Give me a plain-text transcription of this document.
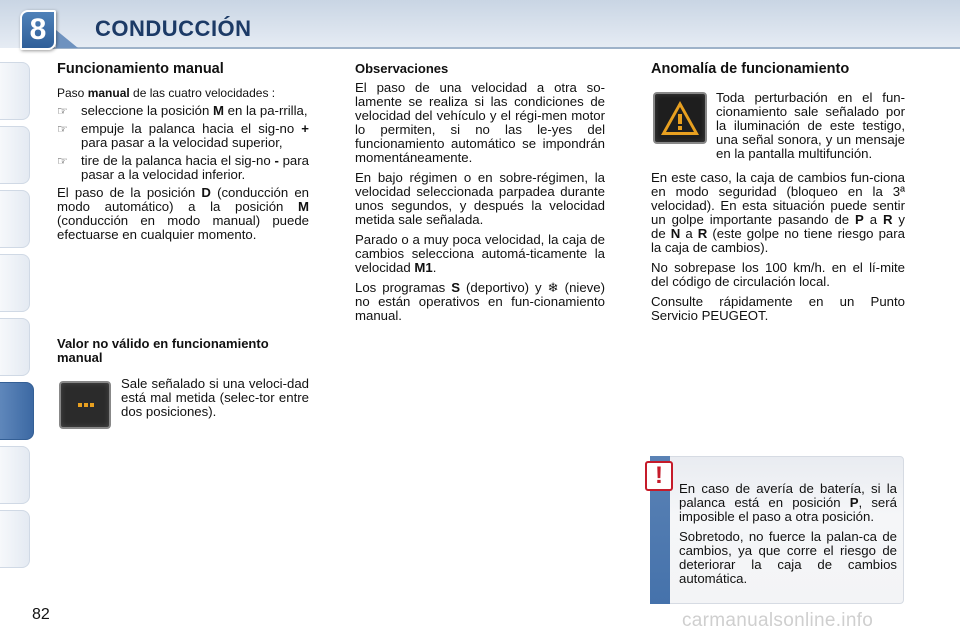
8	CONDUCCIÓN
Funcionamiento manual

Paso manual de las cuatro velocidades :

☞ seleccione la posición M en la pa-rrilla,
☞ empuje la palanca hacia el sig-no + para pasar a la velocidad superior,
☞ tire de la palanca hacia el sig-no - para pasar a la velocidad inferior.

El paso de la posición D (conducción en modo automático) a la posición M (conducción en modo manual) puede efectuarse en cualquier momento.

Valor no válido en funcionamiento manual

Sale señalado si una veloci-dad está mal metida (selec-tor entre dos posiciones).

Observaciones

El paso de una velocidad a otra so-lamente se realiza si las condiciones de velocidad del vehículo y el régi-men motor lo permiten, si no las le-yes del funcionamiento automático se impondrán momentáneamente.

En bajo régimen o en sobre-régimen, la velocidad seleccionada parpadea durante unos segundos, y después la velocidad metida sale señalada.

Parado o a muy poca velocidad, la caja de cambios selecciona automá-ticamente la velocidad M1.

Los programas S (deportivo) y ❄ (nieve) no están operativos en fun-cionamiento manual.

Anomalía de funcionamiento

Toda perturbación en el fun-cionamiento sale señalado por la iluminación de este testigo, una señal sonora, y un mensaje en la pantalla multifunción.

En este caso, la caja de cambios fun-ciona en modo seguridad (bloqueo en la 3ª velocidad). En esta situación puede sentir un golpe importante pasando de P a R y de N a R (este golpe no tiene riesgo para la caja de cambios).

No sobrepase los 100 km/h. en el lí-mite del código de circulación local.

Consulte rápidamente en un Punto Servicio PEUGEOT.

!	En caso de avería de batería, si la palanca está en posición P, será imposible el paso a otra posición.

Sobretodo, no fuerce la palan-ca de cambios, ya que corre el riesgo de deteriorar la caja de cambios automática.

82	carmanualsonline.info
